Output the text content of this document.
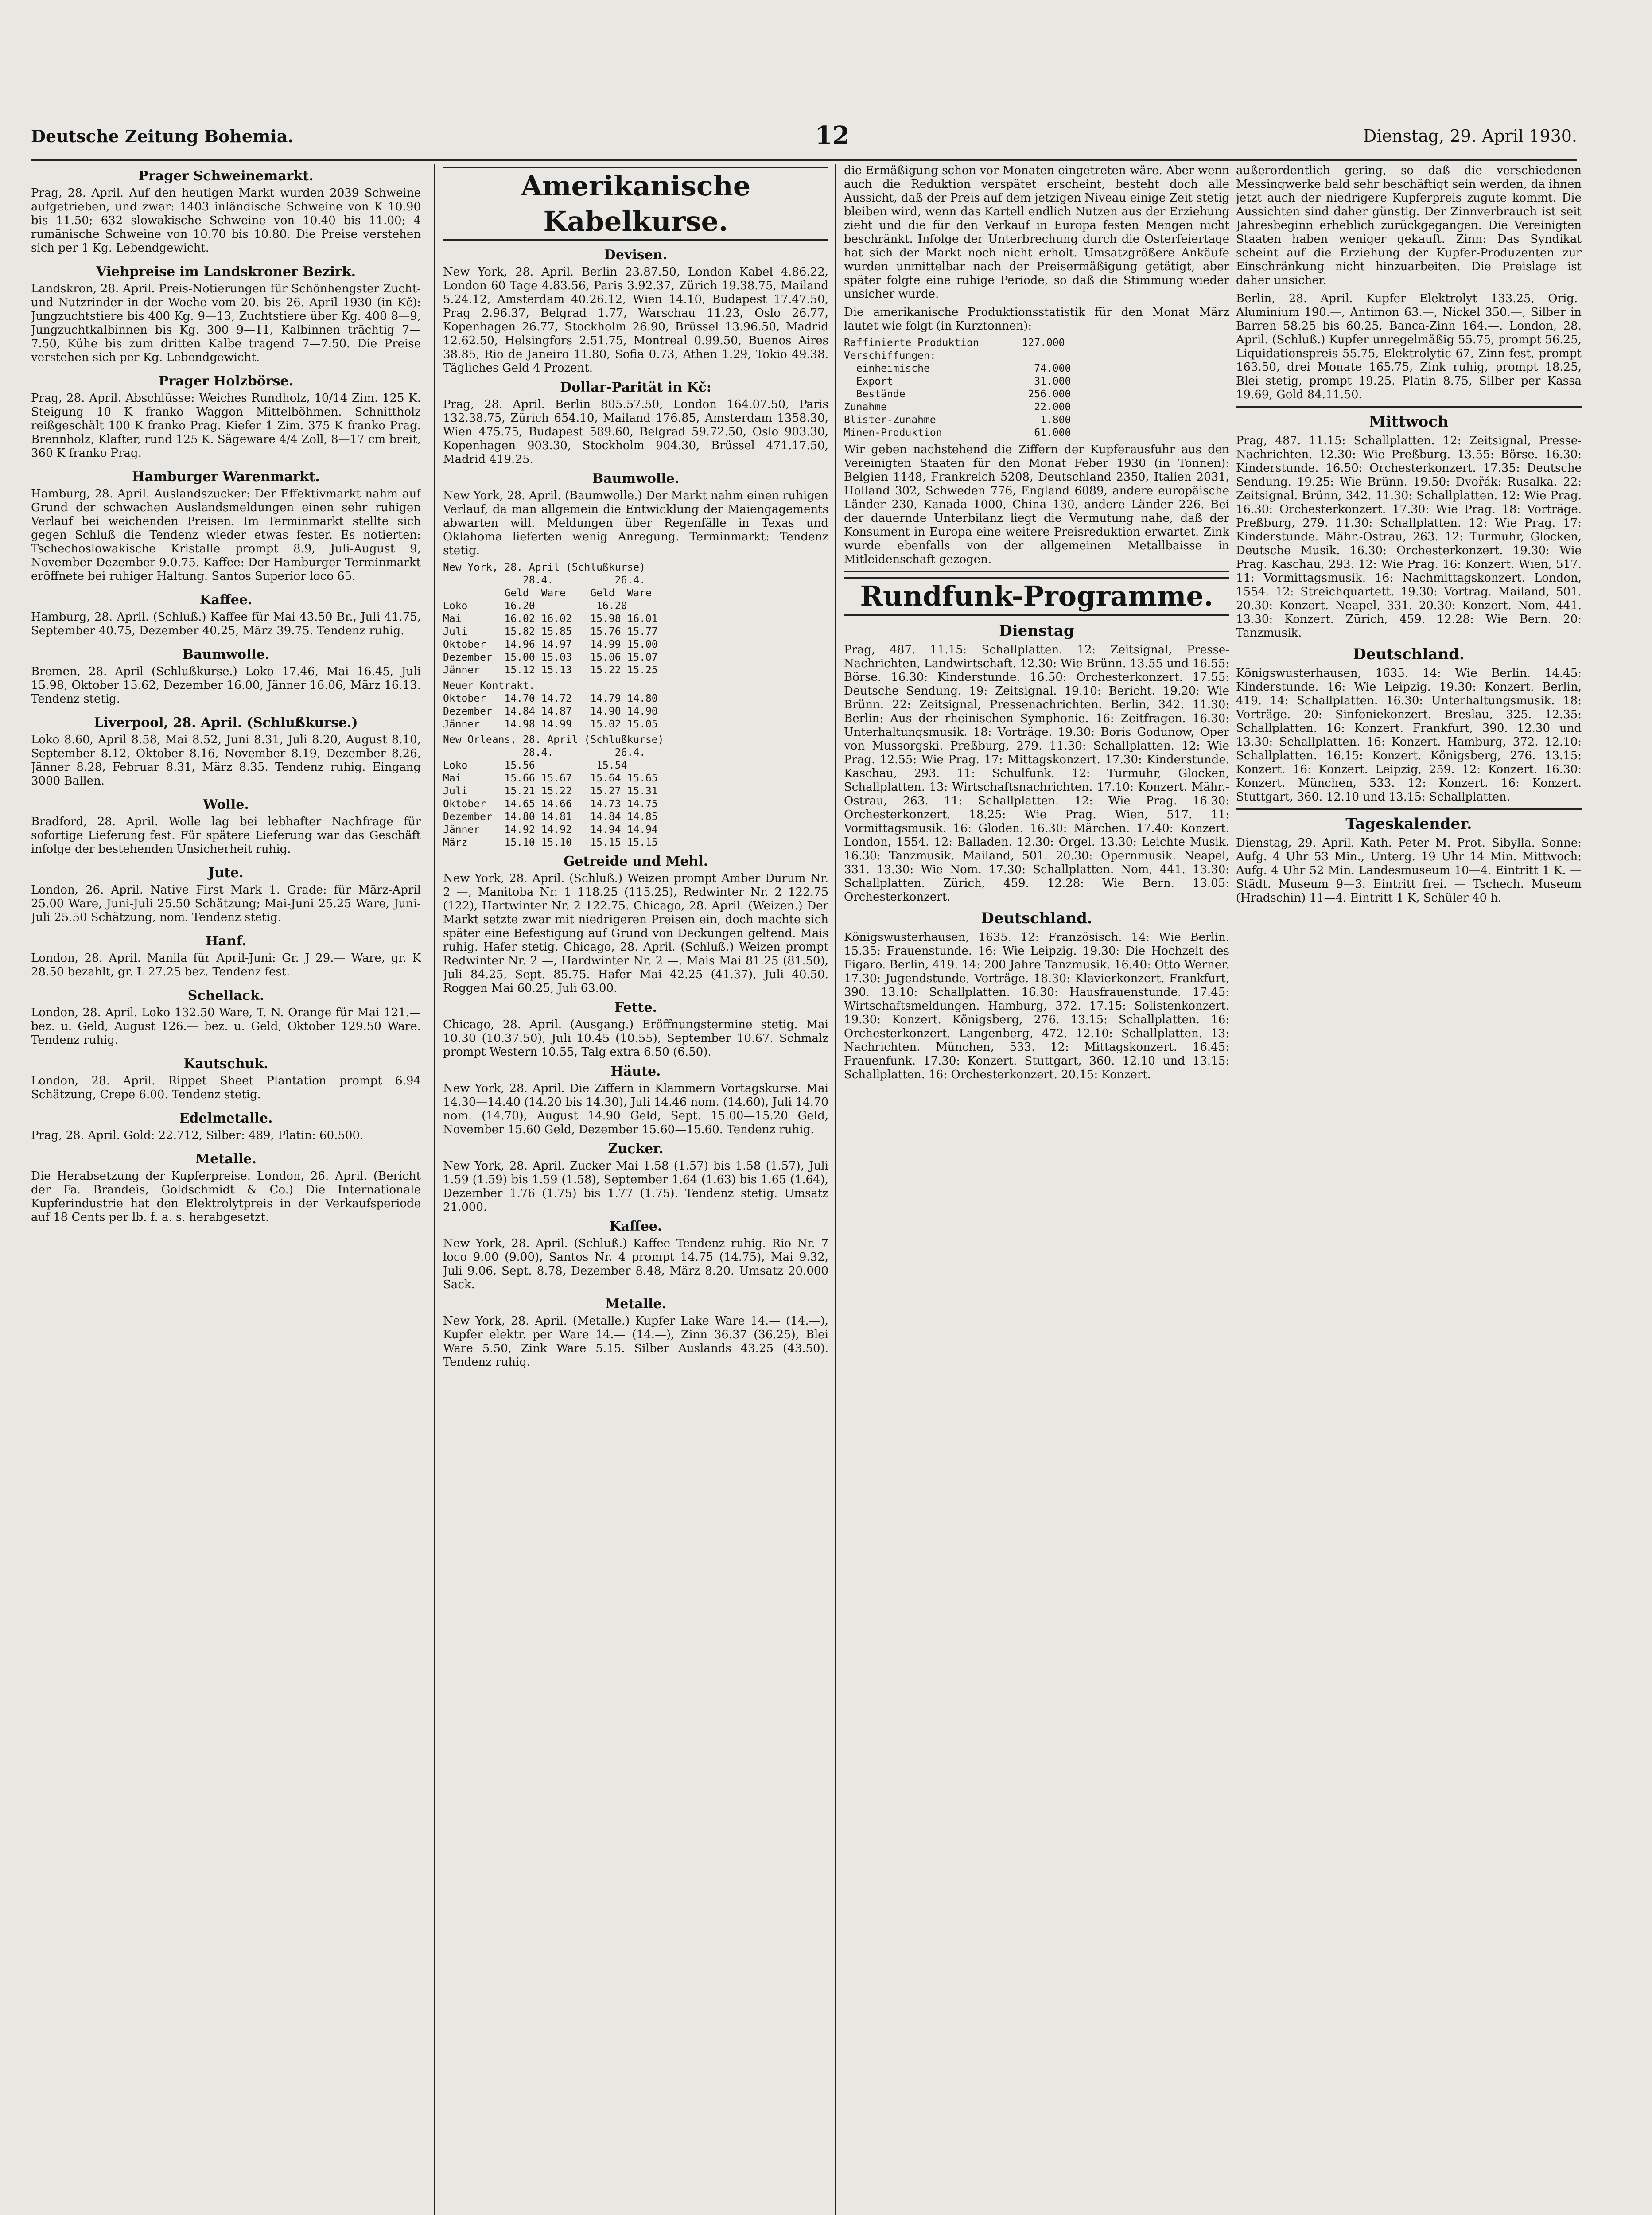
Deutsche Zeitung Bohemia.	12	Dienstag, 29. April 1930.
Prager Schweinemarkt.
Prag, 28. April. Auf den heutigen Markt wurden 2039 Schweine aufgetrieben, und zwar: 1403 inländische Schweine von K 10.90 bis 11.50; 632 slowakische Schweine von 10.40 bis 11.00; 4 rumänische Schweine von 10.70 bis 10.80. Die Preise verstehen sich per 1 Kg. Lebendgewicht.
Viehpreise im Landskroner Bezirk.
Landskron, 28. April. Preis-Notierungen für Schönhengster Zucht- und Nutzrinder in der Woche vom 20. bis 26. April 1930 (in Kč): Jungzuchtstiere bis 400 Kg. 9—13, Zuchtstiere über Kg. 400 8—9, Jungzuchtkalbinnen bis Kg. 300 9—11, Kalbinnen trächtig 7—7.50, Kühe bis zum dritten Kalbe tragend 7—7.50. Die Preise verstehen sich per Kg. Lebendgewicht.
Prager Holzbörse.
Prag, 28. April. Abschlüsse: Weiches Rundholz, 10/14 Zim. 125 K. Steigung 10 K franko Waggon Mittelböhmen. Schnittholz reißgeschält 100 K franko Prag. Kiefer 1 Zim. 375 K franko Prag. Brennholz, Klafter, rund 125 K. Sägeware 4/4 Zoll, 8—17 cm breit, 360 K franko Prag.
Hamburger Warenmarkt.
Hamburg, 28. April. Auslandszucker: Der Effektivmarkt nahm auf Grund der schwachen Auslandsmeldungen einen sehr ruhigen Verlauf bei weichenden Preisen. Im Terminmarkt stellte sich gegen Schluß die Tendenz wieder etwas fester. Es notierten: Tschechoslowakische Kristalle prompt 8.9, Juli-August 9, November-Dezember 9.0.75. Kaffee: Der Hamburger Terminmarkt eröffnete bei ruhiger Haltung. Santos Superior loco 65.
Kaffee.
Hamburg, 28. April. (Schluß.) Kaffee für Mai 43.50 Br., Juli 41.75, September 40.75, Dezember 40.25, März 39.75. Tendenz ruhig.
Baumwolle.
Bremen, 28. April (Schlußkurse.) Loko 17.46, Mai 16.45, Juli 15.98, Oktober 15.62, Dezember 16.00, Jänner 16.06, März 16.13. Tendenz stetig.
Liverpool, 28. April. (Schlußkurse.)
Loko 8.60, April 8.58, Mai 8.52, Juni 8.31, Juli 8.20, August 8.10, September 8.12, Oktober 8.16, November 8.19, Dezember 8.26, Jänner 8.28, Februar 8.31, März 8.35. Tendenz ruhig. Eingang 3000 Ballen.
Wolle.
Bradford, 28. April. Wolle lag bei lebhafter Nachfrage für sofortige Lieferung fest. Für spätere Lieferung war das Geschäft infolge der bestehenden Unsicherheit ruhig.
Jute.
London, 26. April. Native First Mark 1. Grade: für März-April 25.00 Ware, Juni-Juli 25.50 Schätzung; Mai-Juni 25.25 Ware, Juni-Juli 25.50 Schätzung, nom. Tendenz stetig.
Hanf.
London, 28. April. Manila für April-Juni: Gr. J 29.— Ware, gr. K 28.50 bezahlt, gr. L 27.25 bez. Tendenz fest.
Schellack.
London, 28. April. Loko 132.50 Ware, T. N. Orange für Mai 121.— bez. u. Geld, August 126.— bez. u. Geld, Oktober 129.50 Ware. Tendenz ruhig.
Kautschuk.
London, 28. April. Rippet Sheet Plantation prompt 6.94 Schätzung, Crepe 6.00. Tendenz stetig.
Edelmetalle.
Prag, 28. April. Gold: 22.712, Silber: 489, Platin: 60.500.
Metalle.
Die Herabsetzung der Kupferpreise. London, 26. April. (Bericht der Fa. Brandeis, Goldschmidt & Co.) Die Internationale Kupferindustrie hat den Elektrolytpreis in der Verkaufsperiode auf 18 Cents per lb. f. a. s. herabgesetzt.
Amerikanische Kabelkurse.
Devisen.
New York, 28. April. Berlin 23.87.50, London Kabel 4.86.22, London 60 Tage 4.83.56, Paris 3.92.37, Zürich 19.38.75, Mailand 5.24.12, Amsterdam 40.26.12, Wien 14.10, Budapest 17.47.50, Prag 2.96.37, Belgrad 1.77, Warschau 11.23, Oslo 26.77, Kopenhagen 26.77, Stockholm 26.90, Brüssel 13.96.50, Madrid 12.62.50, Helsingfors 2.51.75, Montreal 0.99.50, Buenos Aires 38.85, Rio de Janeiro 11.80, Sofia 0.73, Athen 1.29, Tokio 49.38. Tägliches Geld 4 Prozent.
Dollar-Parität in Kč:
Prag, 28. April. Berlin 805.57.50, London 164.07.50, Paris 132.38.75, Zürich 654.10, Mailand 176.85, Amsterdam 1358.30, Wien 475.75, Budapest 589.60, Belgrad 59.72.50, Oslo 903.30, Kopenhagen 903.30, Stockholm 904.30, Brüssel 471.17.50, Madrid 419.25.
Baumwolle.
New York, 28. April. (Baumwolle.) Der Markt nahm einen ruhigen Verlauf, da man allgemein die Entwicklung der Maiengagements abwarten will. Meldungen über Regenfälle in Texas und Oklahoma lieferten wenig Anregung. Terminmarkt: Tendenz stetig.
New York, 28. April (Schlußkurse)
28.4.          26.4.
Geld  Ware    Geld  Ware
Loko      16.20          16.20
Mai       16.02 16.02   15.98 16.01
Juli      15.82 15.85   15.76 15.77
Oktober   14.96 14.97   14.99 15.00
Dezember  15.00 15.03   15.06 15.07
Jänner    15.12 15.13   15.22 15.25
Neuer Kontrakt.
Oktober   14.70 14.72   14.79 14.80
Dezember  14.84 14.87   14.90 14.90
Jänner    14.98 14.99   15.02 15.05
New Orleans, 28. April (Schlußkurse)
28.4.          26.4.
Loko      15.56          15.54
Mai       15.66 15.67   15.64 15.65
Juli      15.21 15.22   15.27 15.31
Oktober   14.65 14.66   14.73 14.75
Dezember  14.80 14.81   14.84 14.85
Jänner    14.92 14.92   14.94 14.94
März      15.10 15.10   15.15 15.15
Getreide und Mehl.
New York, 28. April. (Schluß.) Weizen prompt Amber Durum Nr. 2 —, Manitoba Nr. 1 118.25 (115.25), Redwinter Nr. 2 122.75 (122), Hartwinter Nr. 2 122.75. Chicago, 28. April. (Weizen.) Der Markt setzte zwar mit niedrigeren Preisen ein, doch machte sich später eine Befestigung auf Grund von Deckungen geltend. Mais ruhig. Hafer stetig. Chicago, 28. April. (Schluß.) Weizen prompt Redwinter Nr. 2 —, Hardwinter Nr. 2 —. Mais Mai 81.25 (81.50), Juli 84.25, Sept. 85.75. Hafer Mai 42.25 (41.37), Juli 40.50. Roggen Mai 60.25, Juli 63.00.
Fette.
Chicago, 28. April. (Ausgang.) Eröffnungstermine stetig. Mai 10.30 (10.37.50), Juli 10.45 (10.55), September 10.67. Schmalz prompt Western 10.55, Talg extra 6.50 (6.50).
Häute.
New York, 28. April. Die Ziffern in Klammern Vortagskurse. Mai 14.30—14.40 (14.20 bis 14.30), Juli 14.46 nom. (14.60), Juli 14.70 nom. (14.70), August 14.90 Geld, Sept. 15.00—15.20 Geld, November 15.60 Geld, Dezember 15.60—15.60. Tendenz ruhig.
Zucker.
New York, 28. April. Zucker Mai 1.58 (1.57) bis 1.58 (1.57), Juli 1.59 (1.59) bis 1.59 (1.58), September 1.64 (1.63) bis 1.65 (1.64), Dezember 1.76 (1.75) bis 1.77 (1.75). Tendenz stetig. Umsatz 21.000.
Kaffee.
New York, 28. April. (Schluß.) Kaffee Tendenz ruhig. Rio Nr. 7 loco 9.00 (9.00), Santos Nr. 4 prompt 14.75 (14.75), Mai 9.32, Juli 9.06, Sept. 8.78, Dezember 8.48, März 8.20. Umsatz 20.000 Sack.
Metalle.
New York, 28. April. (Metalle.) Kupfer Lake Ware 14.— (14.—), Kupfer elektr. per Ware 14.— (14.—), Zinn 36.37 (36.25), Blei Ware 5.50, Zink Ware 5.15. Silber Auslands 43.25 (43.50). Tendenz ruhig.
die Ermäßigung schon vor Monaten eingetreten wäre. Aber wenn auch die Reduktion verspätet erscheint, besteht doch alle Aussicht, daß der Preis auf dem jetzigen Niveau einige Zeit stetig bleiben wird, wenn das Kartell endlich Nutzen aus der Erziehung zieht und die für den Verkauf in Europa festen Mengen nicht beschränkt. Infolge der Unterbrechung durch die Osterfeiertage hat sich der Markt noch nicht erholt. Umsatzgrößere Ankäufe wurden unmittelbar nach der Preisermäßigung getätigt, aber später folgte eine ruhige Periode, so daß die Stimmung wieder unsicher wurde.
Die amerikanische Produktionsstatistik für den Monat März lautet wie folgt (in Kurztonnen):
Raffinierte Produktion       127.000
Verschiffungen:
einheimische                 74.000
Export                       31.000
Bestände                    256.000
Zunahme                        22.000
Blister-Zunahme                 1.800
Minen-Produktion               61.000
Wir geben nachstehend die Ziffern der Kupferausfuhr aus den Vereinigten Staaten für den Monat Feber 1930 (in Tonnen): Belgien 1148, Frankreich 5208, Deutschland 2350, Italien 2031, Holland 302, Schweden 776, England 6089, andere europäische Länder 230, Kanada 1000, China 130, andere Länder 226. Bei der dauernde Unterbilanz liegt die Vermutung nahe, daß der Konsument in Europa eine weitere Preisreduktion erwartet. Zink wurde ebenfalls von der allgemeinen Metallbaisse in Mitleidenschaft gezogen.
Rundfunk-Programme.
Dienstag
Prag, 487. 11.15: Schallplatten. 12: Zeitsignal, Presse-Nachrichten, Landwirtschaft. 12.30: Wie Brünn. 13.55 und 16.55: Börse. 16.30: Kinderstunde. 16.50: Orchesterkonzert. 17.55: Deutsche Sendung. 19: Zeitsignal. 19.10: Bericht. 19.20: Wie Brünn. 22: Zeitsignal, Pressenachrichten. Berlin, 342. 11.30: Berlin: Aus der rheinischen Symphonie. 16: Zeitfragen. 16.30: Unterhaltungsmusik. 18: Vorträge. 19.30: Boris Godunow, Oper von Mussorgski. Preßburg, 279. 11.30: Schallplatten. 12: Wie Prag. 12.55: Wie Prag. 17: Mittagskonzert. 17.30: Kinderstunde. Kaschau, 293. 11: Schulfunk. 12: Turmuhr, Glocken, Schallplatten. 13: Wirtschaftsnachrichten. 17.10: Konzert. Mähr.-Ostrau, 263. 11: Schallplatten. 12: Wie Prag. 16.30: Orchesterkonzert. 18.25: Wie Prag. Wien, 517. 11: Vormittagsmusik. 16: Gloden. 16.30: Märchen. 17.40: Konzert. London, 1554. 12: Balladen. 12.30: Orgel. 13.30: Leichte Musik. 16.30: Tanzmusik. Mailand, 501. 20.30: Opernmusik. Neapel, 331. 13.30: Wie Nom. 17.30: Schallplatten. Nom, 441. 13.30: Schallplatten. Zürich, 459. 12.28: Wie Bern. 13.05: Orchesterkonzert.
Deutschland.
Königswusterhausen, 1635. 12: Französisch. 14: Wie Berlin. 15.35: Frauenstunde. 16: Wie Leipzig. 19.30: Die Hochzeit des Figaro. Berlin, 419. 14: 200 Jahre Tanzmusik. 16.40: Otto Werner. 17.30: Jugendstunde, Vorträge. 18.30: Klavierkonzert. Frankfurt, 390. 13.10: Schallplatten. 16.30: Hausfrauenstunde. 17.45: Wirtschaftsmeldungen. Hamburg, 372. 17.15: Solistenkonzert. 19.30: Konzert. Königsberg, 276. 13.15: Schallplatten. 16: Orchesterkonzert. Langenberg, 472. 12.10: Schallplatten. 13: Nachrichten. München, 533. 12: Mittagskonzert. 16.45: Frauenfunk. 17.30: Konzert. Stuttgart, 360. 12.10 und 13.15: Schallplatten. 16: Orchesterkonzert. 20.15: Konzert.
außerordentlich gering, so daß die verschiedenen Messingwerke bald sehr beschäftigt sein werden, da ihnen jetzt auch der niedrigere Kupferpreis zugute kommt. Die Aussichten sind daher günstig. Der Zinnverbrauch ist seit Jahresbeginn erheblich zurückgegangen. Die Vereinigten Staaten haben weniger gekauft. Zinn: Das Syndikat scheint auf die Erziehung der Kupfer-Produzenten zur Einschränkung nicht hinzuarbeiten. Die Preislage ist daher unsicher.
Berlin, 28. April. Kupfer Elektrolyt 133.25, Orig.-Aluminium 190.—, Antimon 63.—, Nickel 350.—, Silber in Barren 58.25 bis 60.25, Banca-Zinn 164.—. London, 28. April. (Schluß.) Kupfer unregelmäßig 55.75, prompt 56.25, Liquidationspreis 55.75, Elektrolytic 67, Zinn fest, prompt 163.50, drei Monate 165.75, Zink ruhig, prompt 18.25, Blei stetig, prompt 19.25. Platin 8.75, Silber per Kassa 19.69, Gold 84.11.50.
Mittwoch
Prag, 487. 11.15: Schallplatten. 12: Zeitsignal, Presse-Nachrichten. 12.30: Wie Preßburg. 13.55: Börse. 16.30: Kinderstunde. 16.50: Orchesterkonzert. 17.35: Deutsche Sendung. 19.25: Wie Brünn. 19.50: Dvořák: Rusalka. 22: Zeitsignal. Brünn, 342. 11.30: Schallplatten. 12: Wie Prag. 16.30: Orchesterkonzert. 17.30: Wie Prag. 18: Vorträge. Preßburg, 279. 11.30: Schallplatten. 12: Wie Prag. 17: Kinderstunde. Mähr.-Ostrau, 263. 12: Turmuhr, Glocken, Deutsche Musik. 16.30: Orchesterkonzert. 19.30: Wie Prag. Kaschau, 293. 12: Wie Prag. 16: Konzert. Wien, 517. 11: Vormittagsmusik. 16: Nachmittagskonzert. London, 1554. 12: Streichquartett. 19.30: Vortrag. Mailand, 501. 20.30: Konzert. Neapel, 331. 20.30: Konzert. Nom, 441. 13.30: Konzert. Zürich, 459. 12.28: Wie Bern. 20: Tanzmusik.
Deutschland.
Königswusterhausen, 1635. 14: Wie Berlin. 14.45: Kinderstunde. 16: Wie Leipzig. 19.30: Konzert. Berlin, 419. 14: Schallplatten. 16.30: Unterhaltungsmusik. 18: Vorträge. 20: Sinfoniekonzert. Breslau, 325. 12.35: Schallplatten. 16: Konzert. Frankfurt, 390. 12.30 und 13.30: Schallplatten. 16: Konzert. Hamburg, 372. 12.10: Schallplatten. 16.15: Konzert. Königsberg, 276. 13.15: Konzert. 16: Konzert. Leipzig, 259. 12: Konzert. 16.30: Konzert. München, 533. 12: Konzert. 16: Konzert. Stuttgart, 360. 12.10 und 13.15: Schallplatten.
Tageskalender.
Dienstag, 29. April. Kath. Peter M. Prot. Sibylla. Sonne: Aufg. 4 Uhr 53 Min., Unterg. 19 Uhr 14 Min. Mittwoch: Aufg. 4 Uhr 52 Min. Landesmuseum 10—4. Eintritt 1 K. — Städt. Museum 9—3. Eintritt frei. — Tschech. Museum (Hradschin) 11—4. Eintritt 1 K, Schüler 40 h.
